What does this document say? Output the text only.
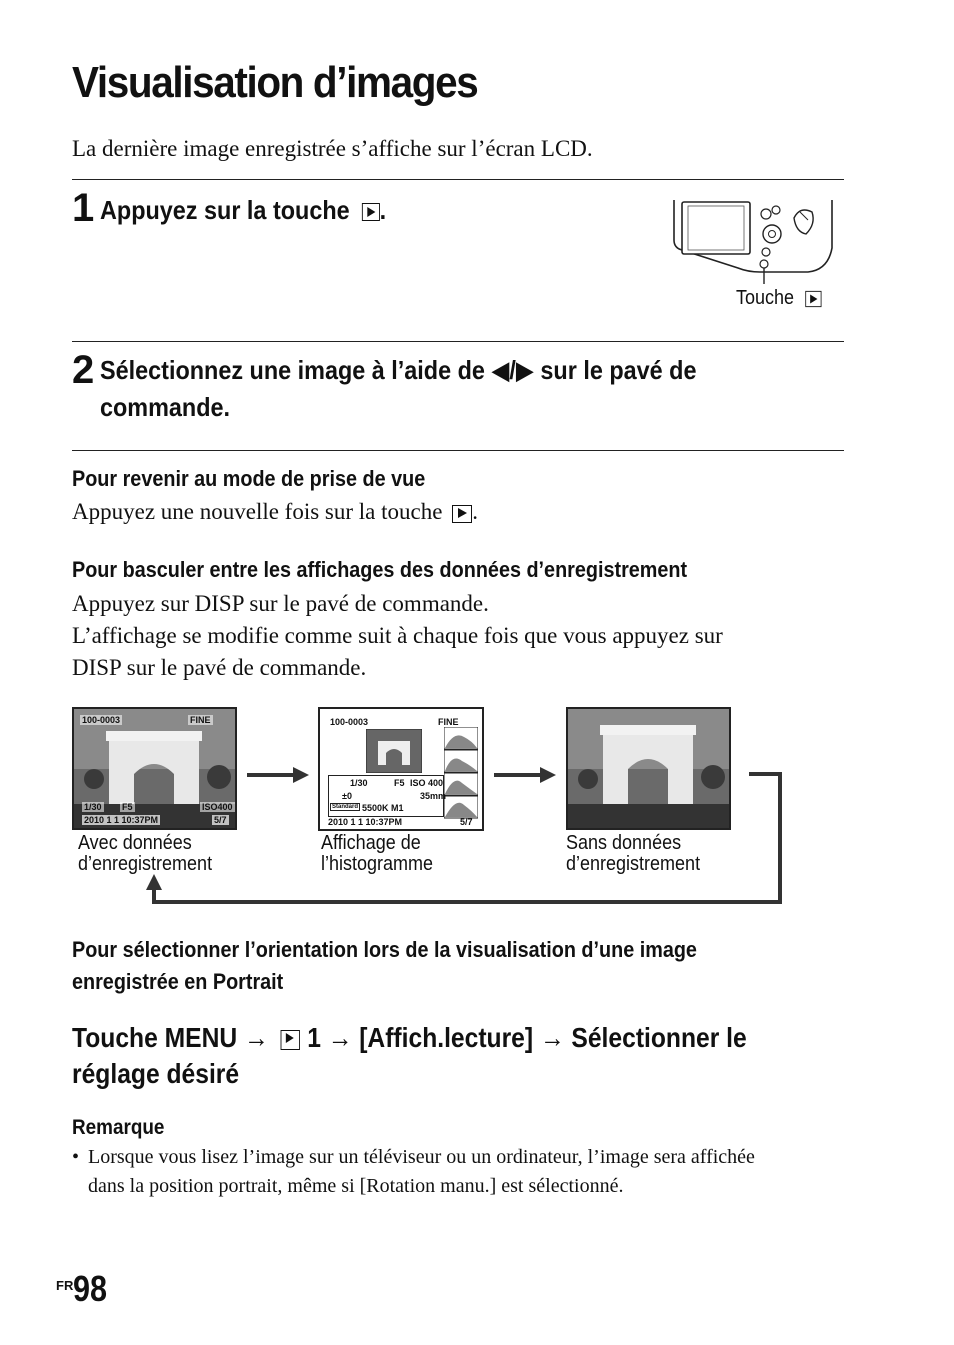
Visualisation d’images
La dernière image enregistrée s’affiche sur l’écran LCD.
1 Appuyez sur la touche .
Touche
2 Sélectionnez une image à l’aide de ◀/▶ sur le pavé de
commande.
Pour revenir au mode de prise de vue
Appuyez une nouvelle fois sur la touche .
Pour basculer entre les affichages des données d’enregistrement
Appuyez sur DISP sur le pavé de commande.
L’affichage se modifie comme suit à chaque fois que vous appuyez sur
DISP sur le pavé de commande.
100-0003	FINE
1/30 F5	ISO400
2010 1 1 10:37PM	5/7
100-0003	FINE
1/30	F5 ISO 400
±0	35mm
Standard 5500K M1
2010 1 1 10:37PM	5/7
Avec données
d’enregistrement
Affichage de
l’histogramme
Sans données
d’enregistrement
Pour sélectionner l’orientation lors de la visualisation d’une image
enregistrée en Portrait
Touche MENU → 1 → [Affich.lecture] → Sélectionner le
réglage désiré
Remarque
• Lorsque vous lisez l’image sur un téléviseur ou un ordinateur, l’image sera affichée
dans la position portrait, même si [Rotation manu.] est sélectionné.
FR 98
